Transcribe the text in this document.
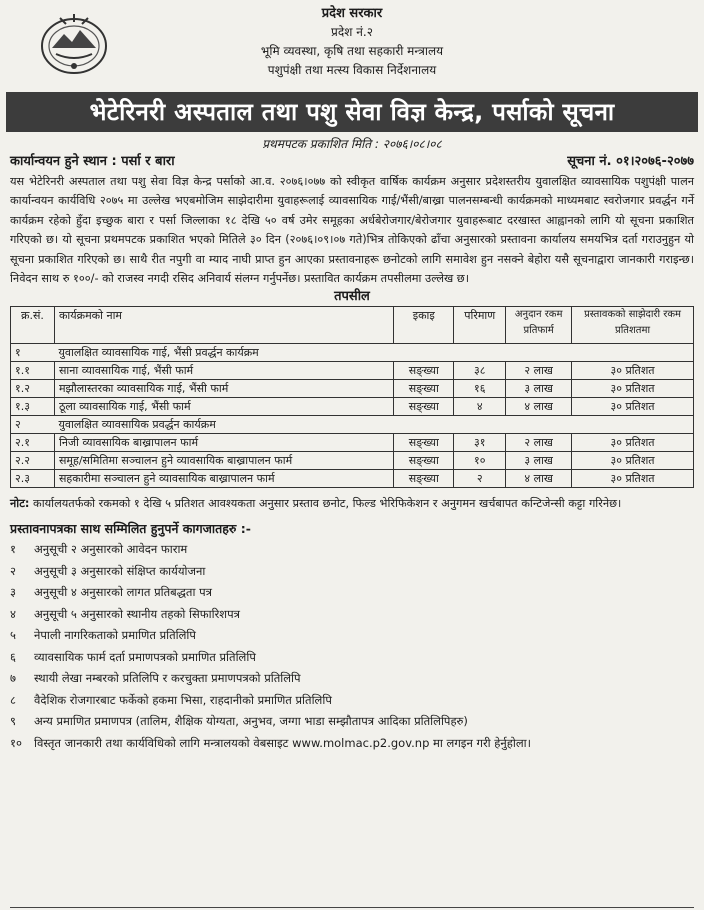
प्रदेश सरकार
प्रदेश नं.२
भूमि व्यवस्था, कृषि तथा सहकारी मन्त्रालय
पशुपंक्षी तथा मत्स्य विकास निर्देशनालय
भेटेरिनरी अस्पताल तथा पशु सेवा विज्ञ केन्द्र, पर्साको सूचना
प्रथमपटक प्रकाशित मिति : २०७६।०८।०८
कार्यान्वयन हुने स्थान : पर्सा र बारा	सूचना नं. ०१।२०७६-२०७७
यस भेटेरिनरी अस्पताल तथा पशु सेवा विज्ञ केन्द्र पर्साको आ.व. २०७६।०७७ को स्वीकृत वार्षिक कार्यक्रम अनुसार प्रदेशस्तरीय युवालक्षित व्यावसायिक पशुपंक्षी पालन कार्यान्वयन कार्यविधि २०७५ मा उल्लेख भएबमोजिम साझेदारीमा युवाहरूलाई व्यावसायिक गाई/भैंसी/बाख्रा पालनसम्बन्धी कार्यक्रमको माध्यमबाट स्वरोजगार प्रवर्द्धन गर्ने कार्यक्रम रहेको हुँदा इच्छुक बारा र पर्सा जिल्लाका १८ देखि ५० वर्ष उमेर समूहका अर्धबेरोजगार/बेरोजगार युवाहरूबाट दरखास्त आह्वानको लागि यो सूचना प्रकाशित गरिएको छ। यो सूचना प्रथमपटक प्रकाशित भएको मितिले ३० दिन (२०७६।०९।०७ गते)भित्र तोकिएको ढाँचा अनुसारको प्रस्तावना कार्यालय समयभित्र दर्ता गराउनुहुन यो सूचना प्रकाशित गरिएको छ। साथै रीत नपुगी वा म्याद नाघी प्राप्त हुन आएका प्रस्तावनाहरू छनोटको लागि समावेश हुन नसक्ने बेहोरा यसै सूचनाद्वारा जानकारी गराइन्छ। निवेदन साथ रु १००/- को राजस्व नगदी रसिद अनिवार्य संलग्न गर्नुपर्नेछ। प्रस्तावित कार्यक्रम तपसीलमा उल्लेख छ।
तपसील
क्र.सं.	कार्यक्रमको नाम	इकाइ	परिमाण	अनुदान रकम प्रतिफार्म	प्रस्तावकको साझेदारी रकम प्रतिशतमा
१	युवालक्षित व्यावसायिक गाई, भैंसी प्रवर्द्धन कार्यक्रम				
१.१	साना व्यावसायिक गाई, भैंसी फार्म	सङ्ख्या	३८	२ लाख	३० प्रतिशत
१.२	मझौलास्तरका व्यावसायिक गाई, भैंसी फार्म	सङ्ख्या	१६	३ लाख	३० प्रतिशत
१.३	ठूला व्यावसायिक गाई, भैंसी फार्म	सङ्ख्या	४	४ लाख	३० प्रतिशत
२	युवालक्षित व्यावसायिक प्रवर्द्धन कार्यक्रम				
२.१	निजी व्यावसायिक बाख्रापालन फार्म	सङ्ख्या	३१	२ लाख	३० प्रतिशत
२.२	समूह/समितिमा सञ्चालन हुने व्यावसायिक बाख्रापालन फार्म	सङ्ख्या	१०	३ लाख	३० प्रतिशत
२.३	सहकारीमा सञ्चालन हुने व्यावसायिक बाख्रापालन फार्म	सङ्ख्या	२	४ लाख	३० प्रतिशत
नोट: कार्यालयतर्फको रकमको १ देखि ५ प्रतिशत आवश्यकता अनुसार प्रस्ताव छनोट, फिल्ड भेरिफिकेशन र अनुगमन खर्चबापत कन्टिजेन्सी कट्टा गरिनेछ।
प्रस्तावनापत्रका साथ सम्मिलित हुनुपर्ने कागजातहरु :-
१	अनुसूची २ अनुसारको आवेदन फाराम
२	अनुसूची ३ अनुसारको संक्षिप्त कार्ययोजना
३	अनुसूची ४ अनुसारको लागत प्रतिबद्धता पत्र
४	अनुसूची ५ अनुसारको स्थानीय तहको सिफारिशपत्र
५	नेपाली नागरिकताको प्रमाणित प्रतिलिपि
६	व्यावसायिक फार्म दर्ता प्रमाणपत्रको प्रमाणित प्रतिलिपि
७	स्थायी लेखा नम्बरको प्रतिलिपि र करचुक्ता प्रमाणपत्रको प्रतिलिपि
८	वैदेशिक रोजगारबाट फर्केको हकमा भिसा, राहदानीको प्रमाणित प्रतिलिपि
९	अन्य प्रमाणित प्रमाणपत्र (तालिम, शैक्षिक योग्यता, अनुभव, जग्गा भाडा सम्झौतापत्र आदिका प्रतिलिपिहरु)
१०	विस्तृत जानकारी तथा कार्यविधिको लागि मन्त्रालयको वेबसाइट www.molmac.p2.gov.np मा लगइन गरी हेर्नुहोला।
